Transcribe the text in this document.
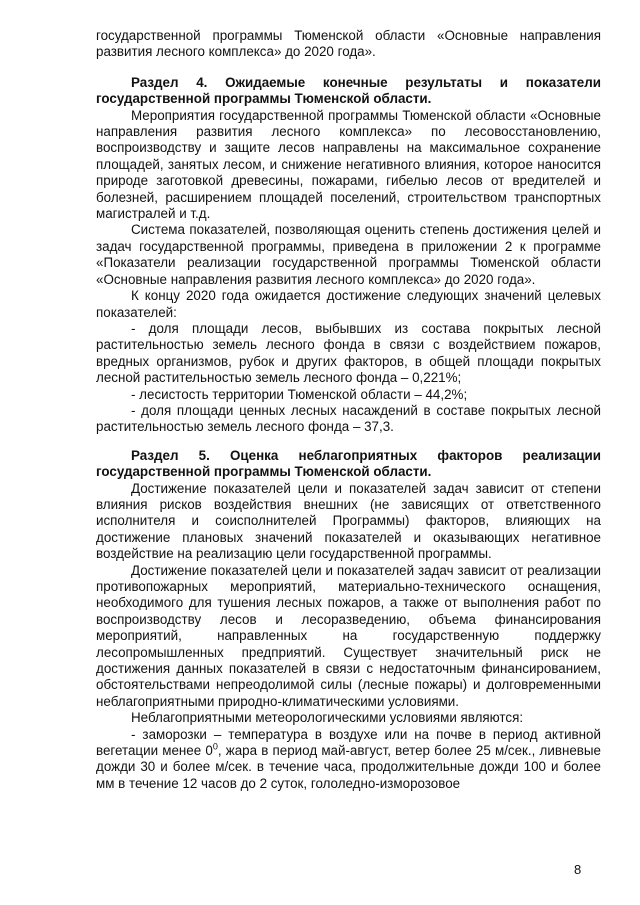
государственной программы Тюменской области «Основные направления развития лесного комплекса» до 2020 года».

Раздел 4. Ожидаемые конечные результаты и показатели государственной программы Тюменской области.

Мероприятия государственной программы Тюменской области «Основные направления развития лесного комплекса» по лесовосстановлению, воспроизводству и защите лесов направлены на максимальное сохранение площадей, занятых лесом, и снижение негативного влияния, которое наносится природе заготовкой древесины, пожарами, гибелью лесов от вредителей и болезней, расширением площадей поселений, строительством транспортных магистралей и т.д.

Система показателей, позволяющая оценить степень достижения целей и задач государственной программы, приведена в приложении 2 к программе «Показатели реализации государственной программы Тюменской области «Основные направления развития лесного комплекса» до 2020 года».

К концу 2020 года ожидается достижение следующих значений целевых показателей:

- доля площади лесов, выбывших из состава покрытых лесной растительностью земель лесного фонда в связи с воздействием пожаров, вредных организмов, рубок и других факторов, в общей площади покрытых лесной растительностью земель лесного фонда – 0,221%;

- лесистость территории Тюменской области – 44,2%;

- доля площади ценных лесных насаждений в составе покрытых лесной растительностью земель лесного фонда – 37,3.

Раздел 5. Оценка неблагоприятных факторов реализации государственной программы Тюменской области.

Достижение показателей цели и показателей задач зависит от степени влияния рисков воздействия внешних (не зависящих от ответственного исполнителя и соисполнителей Программы) факторов, влияющих на достижение плановых значений показателей и оказывающих негативное воздействие на реализацию цели государственной программы.

Достижение показателей цели и показателей задач зависит от реализации противопожарных мероприятий, материально-технического оснащения, необходимого для тушения лесных пожаров, а также от выполнения работ по воспроизводству лесов и лесоразведению, объема финансирования мероприятий, направленных на государственную поддержку лесопромышленных предприятий. Существует значительный риск не достижения данных показателей в связи с недостаточным финансированием, обстоятельствами непреодолимой силы (лесные пожары) и долговременными неблагоприятными природно-климатическими условиями.

Неблагоприятными метеорологическими условиями являются:

- заморозки – температура в воздухе или на почве в период активной вегетации менее $0^0$, жара в период май-август, ветер более 25 м/сек., ливневые дожди 30 и более м/сек. в течение часа, продолжительные дожди 100 и более мм в течение 12 часов до 2 суток, гололедно-изморозовое

8
